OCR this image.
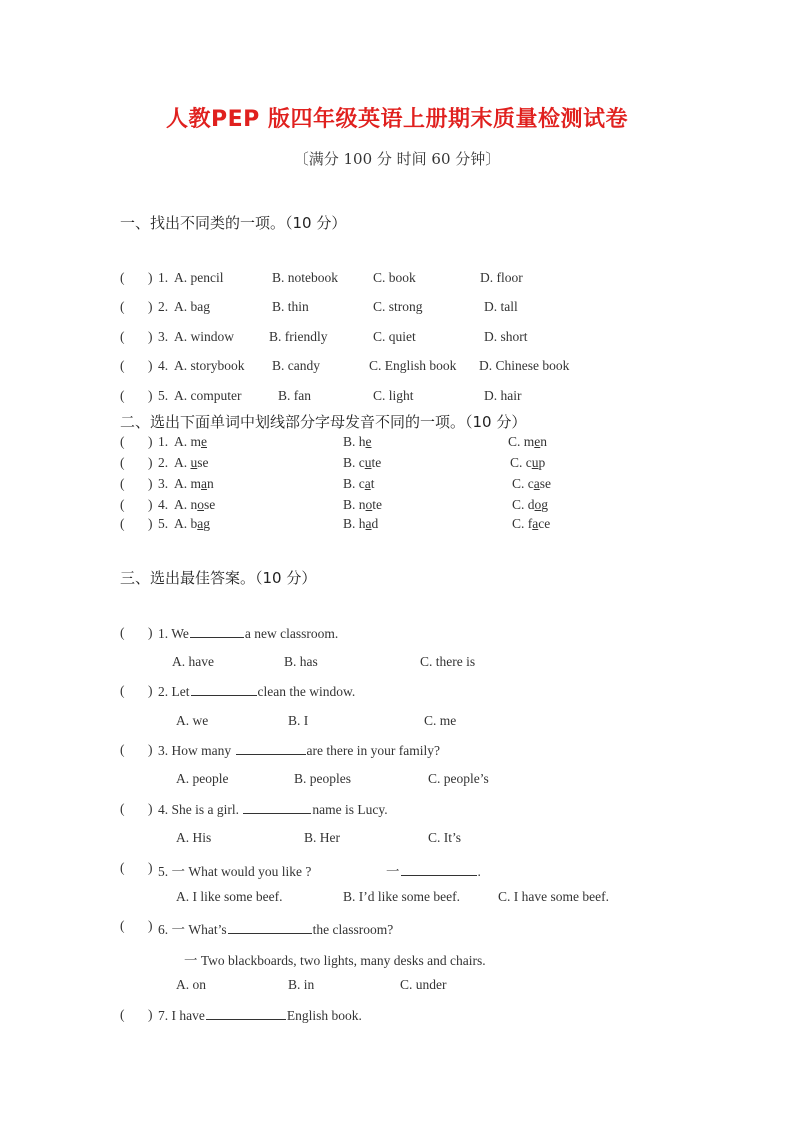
人教PEP 版四年级英语上册期末质量检测试卷
〔满分 100 分 时间 60 分钟〕
一、找出不同类的一项。（10 分）
( ) 1. A. pencil	B. notebook	C. book	D. floor
( ) 2. A. bag	B. thin	C. strong	D. tall
( ) 3. A. window	B. friendly	C. quiet	D. short
( ) 4. A. storybook B. candy	C. English book D. Chinese book
( ) 5. A. computer	B. fan	C. light	D. hair
二、选出下面单词中划线部分字母发音不同的一项。（10 分）
( ) 1. A. me	B. he	C. men
( ) 2. A. use	B. cute	C. cup
( ) 3. A. man	B. cat	C. case
( ) 4. A. nose	B. note	C. dog
( ) 5. A. bag	B. had	C. face
三、选出最佳答案。（10 分）
( ) 1. We	a new classroom.
A. have	B. has	C. there is
( ) 2. Let	clean the window.
A. we	B. I	C. me
( ) 3. How many	are there in your family?
A. people	B. peoples	C. people’s
( ) 4. She is a girl.	name is Lucy.
A. His	B. Her	C. It’s
( ) 5. 一 What would you like ?	一	.
A. I like some beef.	B. I’d like some beef.	C. I have some beef.
( ) 6. 一 What’s	the classroom?
一 Two blackboards, two lights, many desks and chairs.
A. on	B. in	C. under
( ) 7. I have	English book.
